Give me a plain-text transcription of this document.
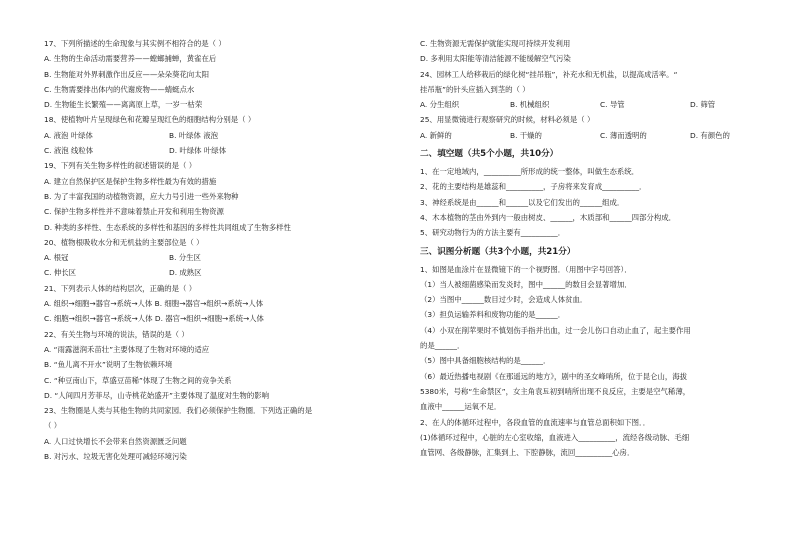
17、下列所描述的生命现象与其实例不相符合的是（ ）
A. 生物的生命活动需要营养——螳螂捕蝉，黄雀在后
B. 生物能对外界刺激作出反应——朵朵葵花向太阳
C. 生物需要排出体内的代谢废物——蜻蜓点水
D. 生物能生长繁殖——离离原上草，一岁一枯荣
18、使植物叶片呈现绿色和花瓣呈现红色的细胞结构分别是（ ）
A. 液泡 叶绿体	B. 叶绿体 液泡
C. 液泡 线粒体	D. 叶绿体 叶绿体
19、下列有关生物多样性的叙述错误的是（ ）
A. 建立自然保护区是保护生物多样性最为有效的措施
B. 为了丰富我国的动植物资源，应大力号引进一些外来物种
C. 保护生物多样性并不意味着禁止开发和利用生物资源
D. 种类的多样性、生态系统的多样性和基因的多样性共同组成了生物多样性
20、植物根吸收水分和无机盐的主要部位是（ ）
A. 根冠	B. 分生区
C. 伸长区	D. 成熟区
21、下列表示人体的结构层次，正确的是（ ）
A. 组织→细胞→器官→系统→人体 B. 细胞→器官→组织→系统→人体
C. 细胞→组织→器官→系统→人体 D. 器官→组织→细胞→系统→人体
22、有关生物与环境的说法，错误的是（ ）
A. “雨露滋润禾苗壮”主要体现了生物对环境的适应
B. “鱼儿离不开水”说明了生物依赖环境
C. “种豆南山下，草盛豆苗稀”体现了生物之间的竞争关系
D. “人间四月芳菲尽，山寺桃花始盛开”主要体现了温度对生物的影响
23、生物圈是人类与其他生物的共同家园．我们必须保护生物圈．下列选正确的是
（ ）
A. 人口过快增长不会带来自然资源匮乏问题
B. 对污水、垃圾无害化处理可减轻环境污染
C. 生物资源无需保护就能实现可持续开发利用
D. 多利用太阳能等清洁能源不能缓解空气污染
24、园林工人给移栽后的绿化树“挂吊瓶”，补充水和无机盐，以提高成活率。“
挂吊瓶”的针头应插入到茎的（ ）
A. 分生组织	B. 机械组织	C. 导管	D. 筛管
25、用显微镜进行观察研究的时候，材料必须是（ ）
A. 新鲜的	B. 干燥的	C. 薄而透明的	D. 有颜色的
二、填空题（共5个小题，共10分）
1、在一定地域内，__________所形成的统一整体，叫做生态系统．
2、花的主要结构是雄蕊和__________，子房将来发育成__________．
3、神经系统是由______和______以及它们发出的______组成．
4、木本植物的茎由外到内一般由树皮、______，木质部和______四部分构成．
5、研究动物行为的方法主要有__________．
三、识图分析题（共3个小题，共21分）
1、如图是血涂片在显微镜下的一个视野图．（用图中字号回答）．
（1）当人被细菌感染而发炎时，图中______的数目会显著增加．
（2）当图中______数目过少时，会造成人体贫血．
（3）担负运输养料和废物功能的是______．
（4）小双在削苹果时不慎划伤手指并出血，过一会儿伤口自动止血了，起主要作用
的是______．
（5）图中具备细胞核结构的是______．
（6）最近热播电视剧《在那遥远的地方》，剧中的圣女峰哨所，位于昆仑山，海拔
5380米，号称“生命禁区”，女主角袁툐初到哨所出现不良反应，主要是空气稀薄，
血液中______运氧不足．
2、在人的体循环过程中，各段血管的血流速率与血管总面积如下图．．
(1)体循环过程中，心脏的左心室收缩，血液进入__________，流经各级动脉、毛细
血管网、各级静脉，汇集到上、下腔静脉，流回__________心房．
